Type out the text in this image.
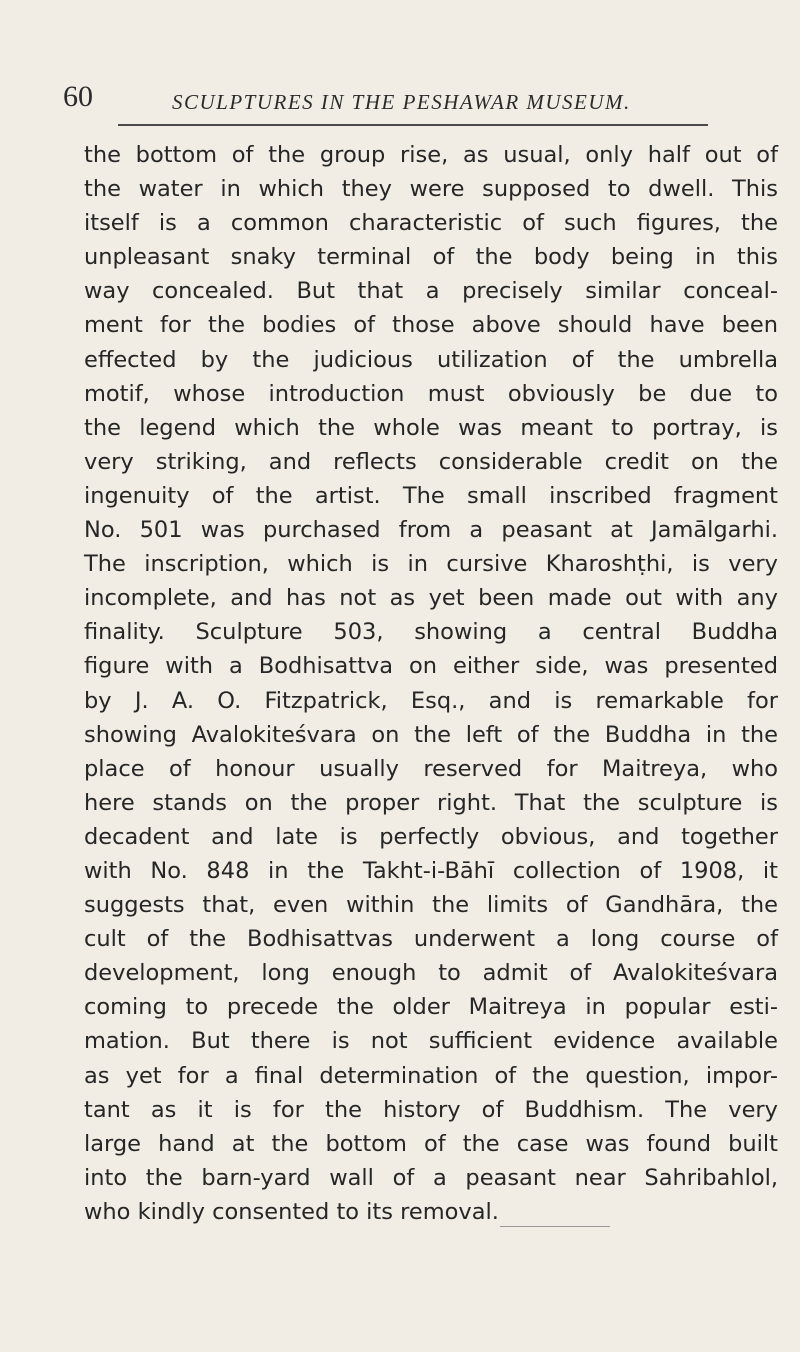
60	SCULPTURES IN THE PESHAWAR MUSEUM.
the bottom of the group rise, as usual, only half out of
the water in which they were supposed to dwell. This
itself is a common characteristic of such figures, the
unpleasant snaky terminal of the body being in this
way concealed. But that a precisely similar conceal-
ment for the bodies of those above should have been
effected by the judicious utilization of the umbrella
motif, whose introduction must obviously be due to
the legend which the whole was meant to portray, is
very striking, and reflects considerable credit on the
ingenuity of the artist. The small inscribed fragment
No. 501 was purchased from a peasant at Jamālgarhi.
The inscription, which is in cursive Kharoshṭhi, is very
incomplete, and has not as yet been made out with any
finality. Sculpture 503, showing a central Buddha
figure with a Bodhisattva on either side, was presented
by J. A. O. Fitzpatrick, Esq., and is remarkable for
showing Avalokiteśvara on the left of the Buddha in the
place of honour usually reserved for Maitreya, who
here stands on the proper right. That the sculpture is
decadent and late is perfectly obvious, and together
with No. 848 in the Takht-i-Bāhī collection of 1908, it
suggests that, even within the limits of Gandhāra, the
cult of the Bodhisattvas underwent a long course of
development, long enough to admit of Avalokiteśvara
coming to precede the older Maitreya in popular esti-
mation. But there is not sufficient evidence available
as yet for a final determination of the question, impor-
tant as it is for the history of Buddhism. The very
large hand at the bottom of the case was found built
into the barn-yard wall of a peasant near Sahribahlol,
who kindly consented to its removal.
